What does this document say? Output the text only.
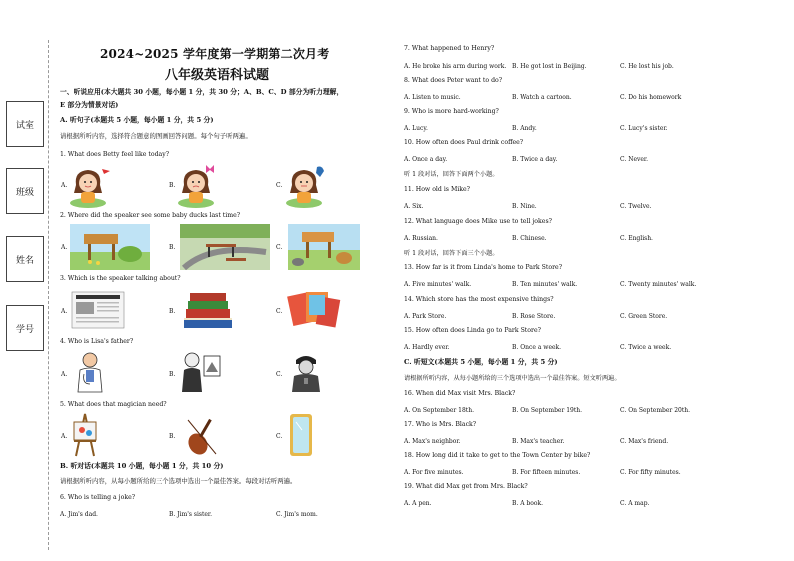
试室
班级
姓名
学号
2024~2025 学年度第一学期第二次月考
八年级英语科试题
一、听说应用(本大题共 30 小题，每小题 1 分，共 30 分；A、B、C、D 部分为听力理解，
E 部分为情景对话)
A. 听句子(本题共 5 小题，每小题 1 分，共 5 分)
请根据所听内容，选择符合题意的图画回答问题。每个句子听两遍。
1. What does Betty feel like today?
A.	B.	C.
2. Where did the speaker see some baby ducks last time?
A.	B.	C.
3. Which is the speaker talking about?
A.	B.	C.
4. Who is Lisa's father?
A.	B.	C.
5. What does that magician need?
A.	B.	C.
B. 听对话(本题共 10 小题，每小题 1 分，共 10 分)
请根据所听内容，从每小题所给的三个选项中选出一个最佳答案。每段对话听两遍。
6. Who is telling a joke?
A. Jim's dad.	B. Jim's sister.	C. Jim's mom.
7. What happened to Henry?
A. He broke his arm during work. B. He got lost in Beijing.	C. He lost his job.
8. What does Peter want to do?
A. Listen to music.	B. Watch a cartoon.	C. Do his homework
9. Who is more hard-working?
A. Lucy.	B. Andy.	C. Lucy's sister.
10. How often does Paul drink coffee?
A. Once a day.	B. Twice a day.	C. Never.
听 1 段对话，回答下面两个小题。
11. How old is Mike?
A. Six.	B. Nine.	C. Twelve.
12. What language does Mike use to tell jokes?
A. Russian.	B. Chinese.	C. English.
听 1 段对话，回答下面三个小题。
13. How far is it from Linda's home to Park Store?
A. Five minutes' walk.	B. Ten minutes' walk.	C. Twenty minutes' walk.
14. Which store has the most expensive things?
A. Park Store.	B. Rose Store.	C. Green Store.
15. How often does Linda go to Park Store?
A. Hardly ever.	B. Once a week.	C. Twice a week.
C. 听短文(本题共 5 小题，每小题 1 分，共 5 分)
请根据所听内容，从每小题所给的三个选项中选出一个最佳答案。短文听两遍。
16. When did Max visit Mrs. Black?
A. On September 18th.	B. On September 19th.	C. On September 20th.
17. Who is Mrs. Black?
A. Max's neighbor.	B. Max's teacher.	C. Max's friend.
18. How long did it take to get to the Town Center by bike?
A. For five minutes.	B. For fifteen minutes.	C. For fifty minutes.
19. What did Max get from Mrs. Black?
A. A pen.	B. A book.	C. A map.
